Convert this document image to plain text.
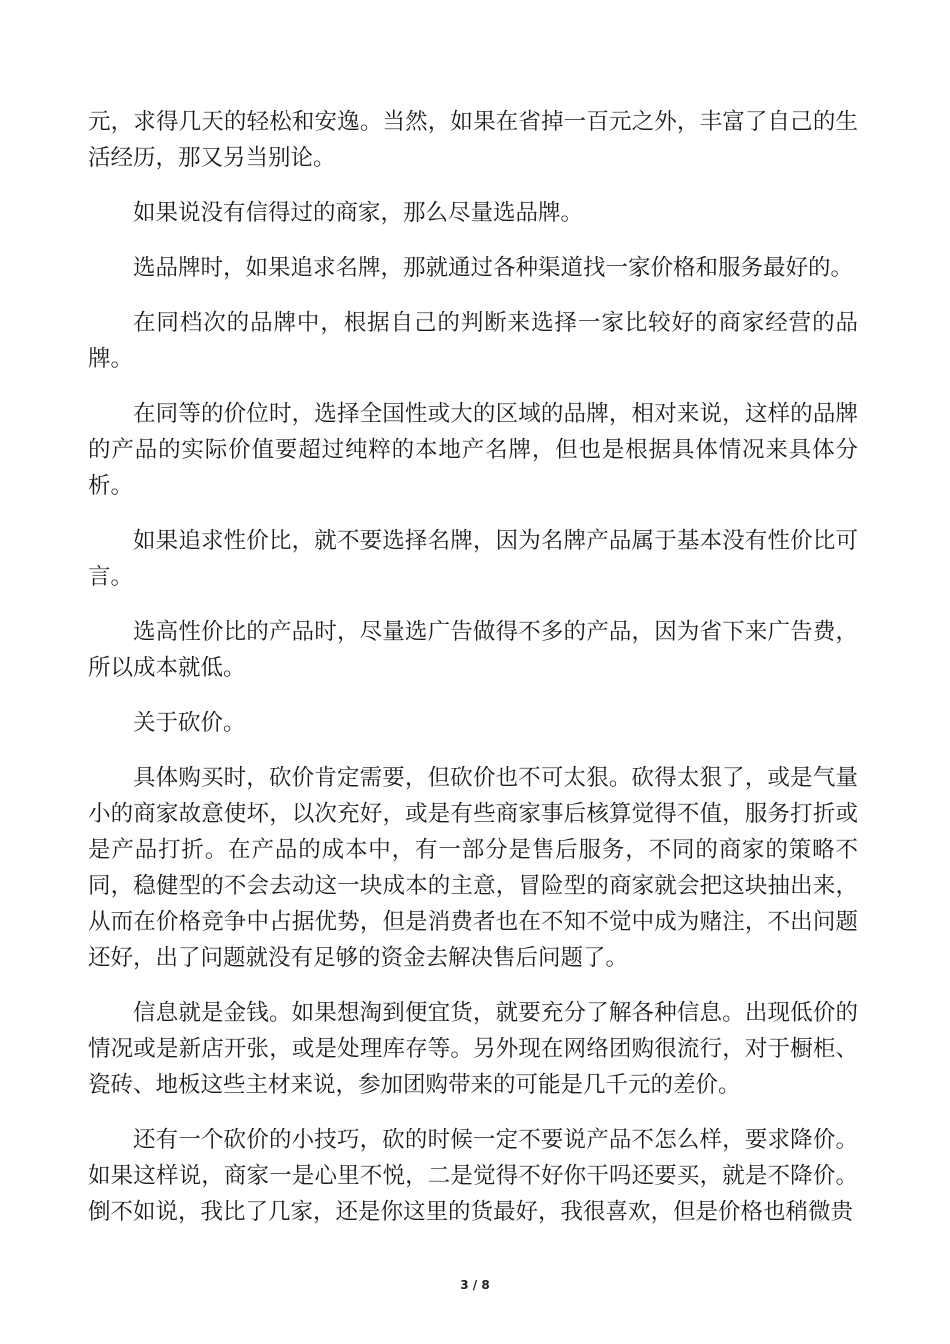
元，求得几天的轻松和安逸。当然，如果在省掉一百元之外，丰富了自己的生活经历，那又另当别论。

如果说没有信得过的商家，那么尽量选品牌。

选品牌时，如果追求名牌，那就通过各种渠道找一家价格和服务最好的。

在同档次的品牌中，根据自己的判断来选择一家比较好的商家经营的品牌。

在同等的价位时，选择全国性或大的区域的品牌，相对来说，这样的品牌的产品的实际价值要超过纯粹的本地产名牌，但也是根据具体情况来具体分析。

如果追求性价比，就不要选择名牌，因为名牌产品属于基本没有性价比可言。

选高性价比的产品时，尽量选广告做得不多的产品，因为省下来广告费，所以成本就低。

关于砍价。

具体购买时，砍价肯定需要，但砍价也不可太狠。砍得太狠了，或是气量小的商家故意使坏，以次充好，或是有些商家事后核算觉得不值，服务打折或是产品打折。在产品的成本中，有一部分是售后服务，不同的商家的策略不同，稳健型的不会去动这一块成本的主意，冒险型的商家就会把这块抽出来，从而在价格竞争中占据优势，但是消费者也在不知不觉中成为赌注，不出问题还好，出了问题就没有足够的资金去解决售后问题了。

信息就是金钱。如果想淘到便宜货，就要充分了解各种信息。出现低价的情况或是新店开张，或是处理库存等。另外现在网络团购很流行，对于橱柜、瓷砖、地板这些主材来说，参加团购带来的可能是几千元的差价。

还有一个砍价的小技巧，砍的时候一定不要说产品不怎么样，要求降价。如果这样说，商家一是心里不悦，二是觉得不好你干吗还要买，就是不降价。倒不如说，我比了几家，还是你这里的货最好，我很喜欢，但是价格也稍微贵

3 / 8
